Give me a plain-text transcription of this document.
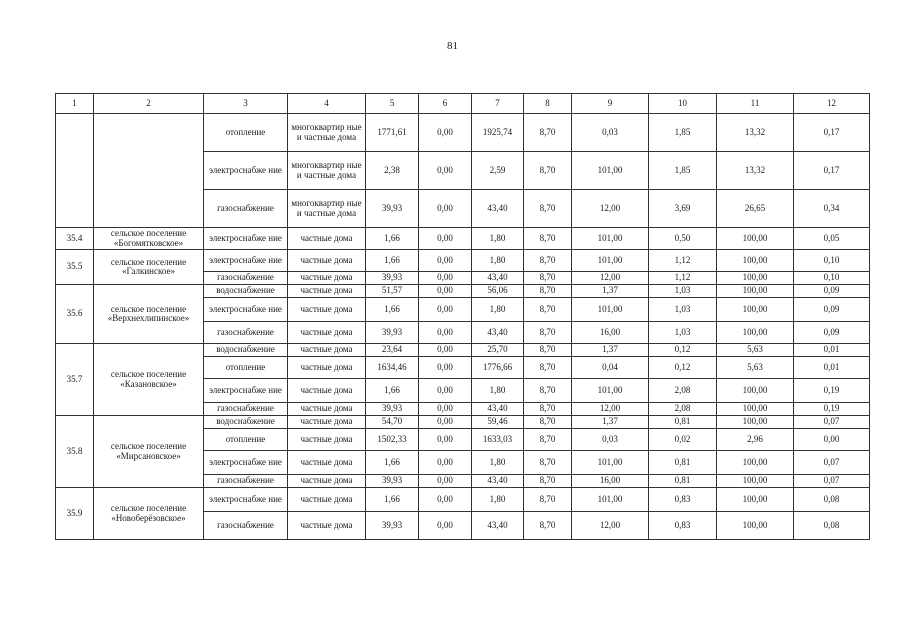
81
1	2	3	4	5	6	7	8	9	10	11	12
		отопление	многоквартир ные и частные дома	1771,61	0,00	1925,74	8,70	0,03	1,85	13,32	0,17
		электроснабже ние	многоквартир ные и частные дома	2,38	0,00	2,59	8,70	101,00	1,85	13,32	0,17
		газоснабжение	многоквартир ные и частные дома	39,93	0,00	43,40	8,70	12,00	3,69	26,65	0,34
35.4	сельское поселение «Богомятковское»	электроснабже ние	частные дома	1,66	0,00	1,80	8,70	101,00	0,50	100,00	0,05
35.5	сельское поселение «Галкинское»	электроснабже ние	частные дома	1,66	0,00	1,80	8,70	101,00	1,12	100,00	0,10
		газоснабжение	частные дома	39,93	0,00	43,40	8,70	12,00	1,12	100,00	0,10
35.6	сельское поселение «Верхнехлипинское»	водоснабжение	частные дома	51,57	0,00	56,06	8,70	1,37	1,03	100,00	0,09
		электроснабже ние	частные дома	1,66	0,00	1,80	8,70	101,00	1,03	100,00	0,09
		газоснабжение	частные дома	39,93	0,00	43,40	8,70	16,00	1,03	100,00	0,09
35.7	сельское поселение «Казановское»	водоснабжение	частные дома	23,64	0,00	25,70	8,70	1,37	0,12	5,63	0,01
		отопление	частные дома	1634,46	0,00	1776,66	8,70	0,04	0,12	5,63	0,01
		электроснабже ние	частные дома	1,66	0,00	1,80	8,70	101,00	2,08	100,00	0,19
		газоснабжение	частные дома	39,93	0,00	43,40	8,70	12,00	2,08	100,00	0,19
35.8	сельское поселение «Мирсановское»	водоснабжение	частные дома	54,70	0,00	59,46	8,70	1,37	0,81	100,00	0,07
		отопление	частные дома	1502,33	0,00	1633,03	8,70	0,03	0,02	2,96	0,00
		электроснабже ние	частные дома	1,66	0,00	1,80	8,70	101,00	0,81	100,00	0,07
		газоснабжение	частные дома	39,93	0,00	43,40	8,70	16,00	0,81	100,00	0,07
35.9	сельское поселение «Новоберёзовское»	электроснабже ние	частные дома	1,66	0,00	1,80	8,70	101,00	0,83	100,00	0,08
		газоснабжение	частные дома	39,93	0,00	43,40	8,70	12,00	0,83	100,00	0,08
